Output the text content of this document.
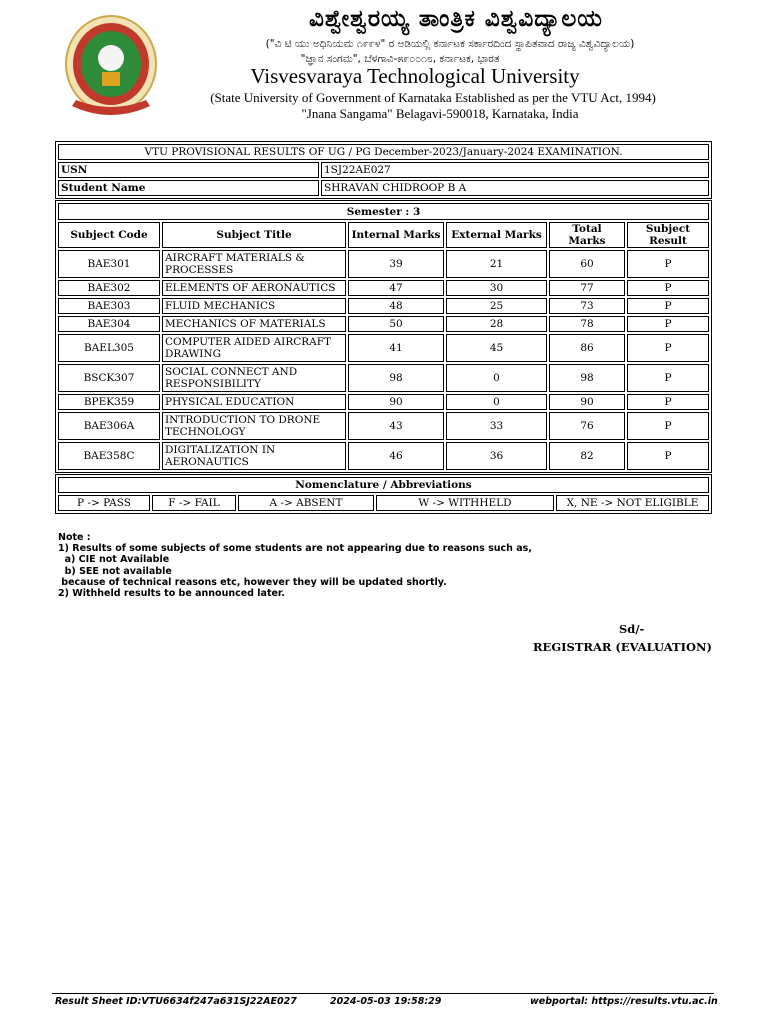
ವಿಶ್ವೇಶ್ವರಯ್ಯ ತಾಂತ್ರಿಕ ವಿಶ್ವವಿದ್ಯಾಲಯ
("ವಿ ಟಿ ಯು ಅಧಿನಿಯಮ ೧೯೯೪" ರ ಅಡಿಯಲ್ಲಿ ಕರ್ನಾಟಕ ಸರ್ಕಾರದಿಂದ ಸ್ಥಾಪಿತವಾದ ರಾಜ್ಯ ವಿಶ್ವವಿದ್ಯಾಲಯ)
"ಜ್ಞಾನ ಸಂಗಮ", ಬೆಳಗಾವಿ-೫೯೦೦೧೮, ಕರ್ನಾಟಕ, ಭಾರತ
Visvesvaraya Technological University
(State University of Government of Karnataka Established as per the VTU Act, 1994)
"Jnana Sangama" Belagavi-590018, Karnataka, India
VTU PROVISIONAL RESULTS OF UG / PG December-2023/January-2024 EXAMINATION.	
USN	1SJ22AE027
Student Name	SHRAVAN CHIDROOP B A
Semester : 3					
Subject Code	Subject Title	Internal Marks	External Marks	Total Marks	Subject Result
BAE301	AIRCRAFT MATERIALS & PROCESSES	39	21	60	P
BAE302	ELEMENTS OF AERONAUTICS	47	30	77	P
BAE303	FLUID MECHANICS	48	25	73	P
BAE304	MECHANICS OF MATERIALS	50	28	78	P
BAEL305	COMPUTER AIDED AIRCRAFT DRAWING	41	45	86	P
BSCK307	SOCIAL CONNECT AND RESPONSIBILITY	98	0	98	P
BPEK359	PHYSICAL EDUCATION	90	0	90	P
BAE306A	INTRODUCTION TO DRONE TECHNOLOGY	43	33	76	P
BAE358C	DIGITALIZATION IN AERONAUTICS	46	36	82	P
Nomenclature / Abbreviations
P -> PASS	F -> FAIL	A -> ABSENT	W -> WITHHELD	X, NE -> NOT ELIGIBLE
Note :
1) Results of some subjects of some students are not appearing due to reasons such as,
a) CIE not Available
b) SEE not available
because of technical reasons etc, however they will be updated shortly.
2) Withheld results to be announced later.
Sd/-
REGISTRAR (EVALUATION)
Result Sheet ID:VTU6634f247a631SJ22AE027	2024-05-03 19:58:29	webportal: https://results.vtu.ac.in
